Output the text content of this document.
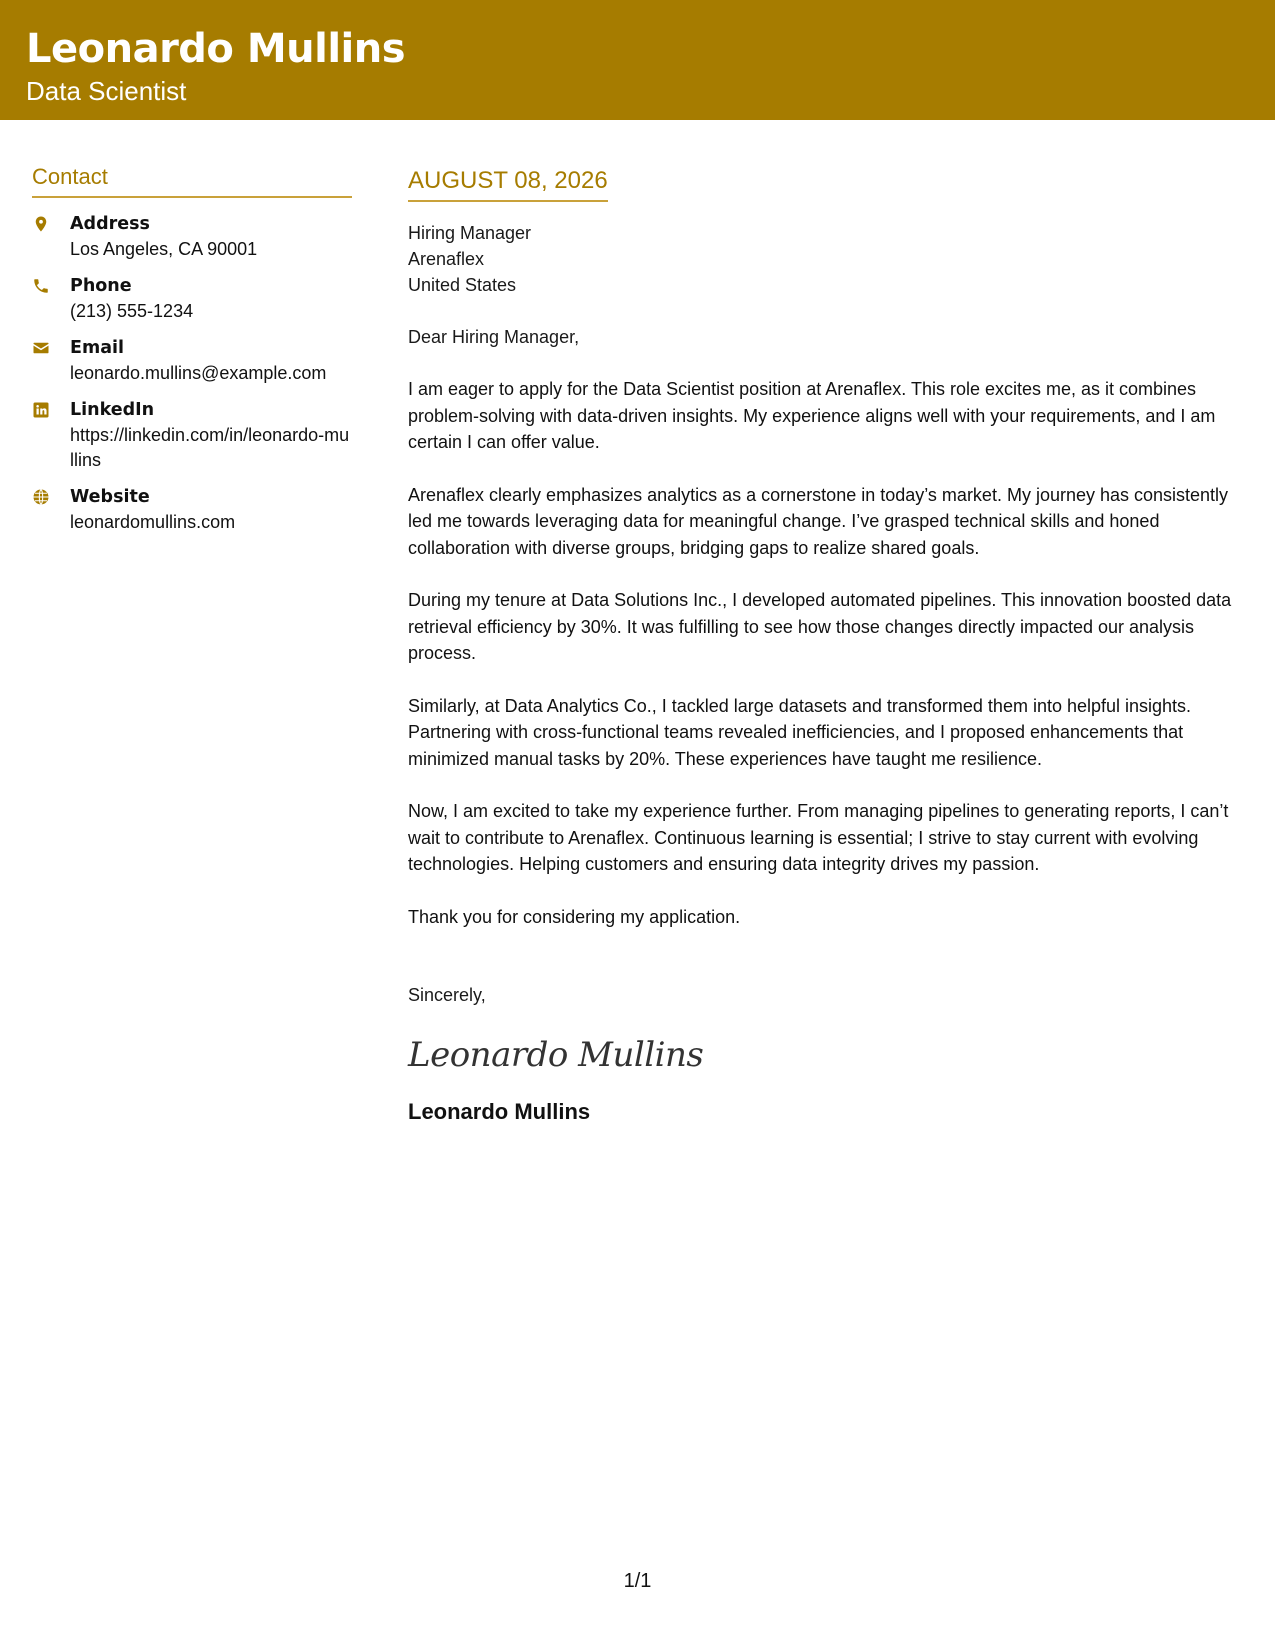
Leonardo Mullins
Data Scientist
Contact
Address
Los Angeles, CA 90001
Phone
(213) 555-1234
Email
leonardo.mullins@example.com
LinkedIn
https://linkedin.com/in/leonardo-mullins
Website
leonardomullins.com
AUGUST 08, 2026
Hiring Manager
Arenaflex
United States
Dear Hiring Manager,

I am eager to apply for the Data Scientist position at Arenaflex. This role excites me, as it combines problem-solving with data-driven insights. My experience aligns well with your requirements, and I am certain I can offer value.

Arenaflex clearly emphasizes analytics as a cornerstone in today’s market. My journey has consistently led me towards leveraging data for meaningful change. I’ve grasped technical skills and honed collaboration with diverse groups, bridging gaps to realize shared goals.

During my tenure at Data Solutions Inc., I developed automated pipelines. This innovation boosted data retrieval efficiency by 30%. It was fulfilling to see how those changes directly impacted our analysis process.

Similarly, at Data Analytics Co., I tackled large datasets and transformed them into helpful insights. Partnering with cross-functional teams revealed inefficiencies, and I proposed enhancements that minimized manual tasks by 20%. These experiences have taught me resilience.

Now, I am excited to take my experience further. From managing pipelines to generating reports, I can’t wait to contribute to Arenaflex. Continuous learning is essential; I strive to stay current with evolving technologies. Helping customers and ensuring data integrity drives my passion.

Thank you for considering my application.

Sincerely,
Leonardo Mullins
Leonardo Mullins
1/1
